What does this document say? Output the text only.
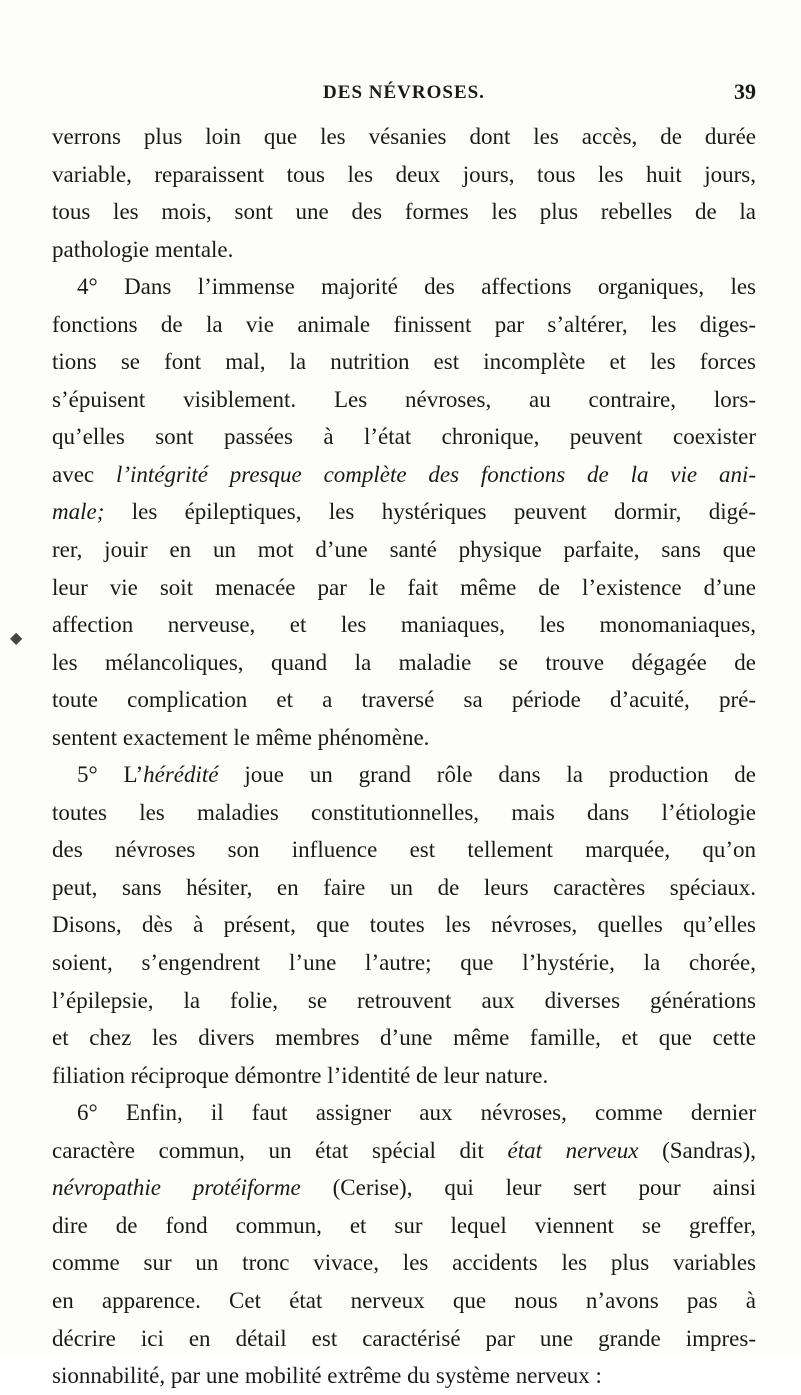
DES NÉVROSES.	39
◆
verrons plus loin que les vésanies dont les accès, de durée
variable, reparaissent tous les deux jours, tous les huit jours,
tous les mois, sont une des formes les plus rebelles de la
pathologie mentale.
4° Dans l’immense majorité des affections organiques, les
fonctions de la vie animale finissent par s’altérer, les diges-
tions se font mal, la nutrition est incomplète et les forces
s’épuisent visiblement. Les névroses, au contraire, lors-
qu’elles sont passées à l’état chronique, peuvent coexister
avec l’intégrité presque complète des fonctions de la vie ani-
male; les épileptiques, les hystériques peuvent dormir, digé-
rer, jouir en un mot d’une santé physique parfaite, sans que
leur vie soit menacée par le fait même de l’existence d’une
affection nerveuse, et les maniaques, les monomaniaques,
les mélancoliques, quand la maladie se trouve dégagée de
toute complication et a traversé sa période d’acuité, pré-
sentent exactement le même phénomène.
5° L’hérédité joue un grand rôle dans la production de
toutes les maladies constitutionnelles, mais dans l’étiologie
des névroses son influence est tellement marquée, qu’on
peut, sans hésiter, en faire un de leurs caractères spéciaux.
Disons, dès à présent, que toutes les névroses, quelles qu’elles
soient, s’engendrent l’une l’autre; que l’hystérie, la chorée,
l’épilepsie, la folie, se retrouvent aux diverses générations
et chez les divers membres d’une même famille, et que cette
filiation réciproque démontre l’identité de leur nature.
6° Enfin, il faut assigner aux névroses, comme dernier
caractère commun, un état spécial dit état nerveux (Sandras),
névropathie protéiforme (Cerise), qui leur sert pour ainsi
dire de fond commun, et sur lequel viennent se greffer,
comme sur un tronc vivace, les accidents les plus variables
en apparence. Cet état nerveux que nous n’avons pas à
décrire ici en détail est caractérisé par une grande impres-
sionnabilité, par une mobilité extrême du système nerveux :
